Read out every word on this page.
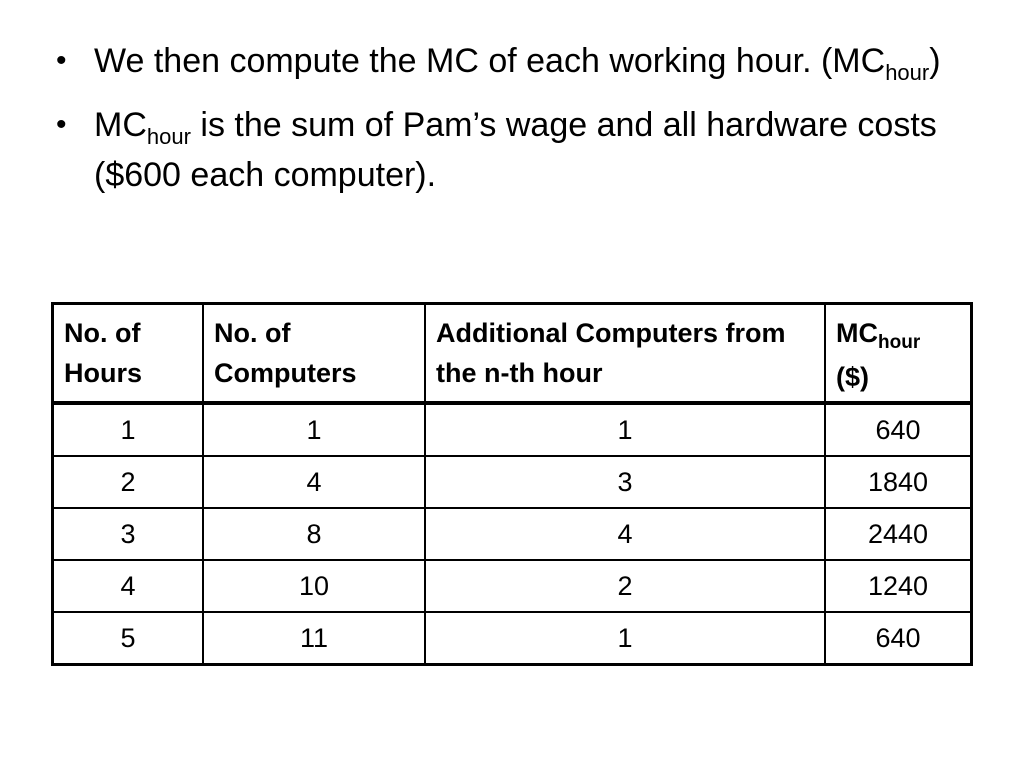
• We then compute the MC of each working hour. $(MC_{hour})$
• $MC_{hour}$ is the sum of Pam’s wage and all hardware costs ($600 each computer).
No. of Hours	No. of Computers	Additional Computers from the n-th hour	$MC_{hour}$ ($)
1	1	1	640
2	4	3	1840
3	8	4	2440
4	10	2	1240
5	11	1	640
